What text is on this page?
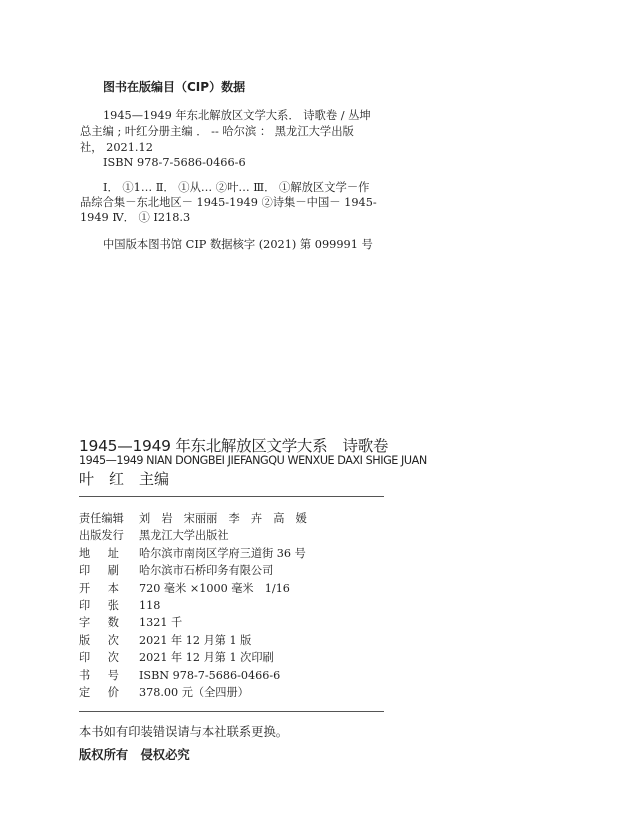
图书在版编目（CIP）数据
1945—1949 年东北解放区文学大系． 诗歌卷 / 丛坤
总主编 ; 叶红分册主编 ． -- 哈尔滨 ： 黑龙江大学出版
社， 2021.12
ISBN 978-7-5686-0466-6
Ⅰ． ①1… Ⅱ． ①从… ②叶… Ⅲ． ①解放区文学－作
品综合集－东北地区－ 1945-1949 ②诗集－中国－ 1945-
1949 Ⅳ． ① I218.3
中国版本图书馆 CIP 数据核字 (2021) 第 099991 号
1945—1949 年东北解放区文学大系　诗歌卷
1945—1949 NIAN DONGBEI JIEFANGQU WENXUE DAXI SHIGE JUAN
叶　红　主编
责 任 编 辑 刘　岩　宋丽丽　李　卉　高　媛
出 版 发 行 黑龙江大学出版社
地 址 哈尔滨市南岗区学府三道街 36 号
印 刷 哈尔滨市石桥印务有限公司
开 本 720 毫米 ×1000 毫米　1/16
印 张 118
字 数 1321 千
版 次 2021 年 12 月第 1 版
印 次 2021 年 12 月第 1 次印刷
书 号 ISBN 978-7-5686-0466-6
定 价 378.00 元（全四册）
本书如有印装错误请与本社联系更换。
版权所有　侵权必究
